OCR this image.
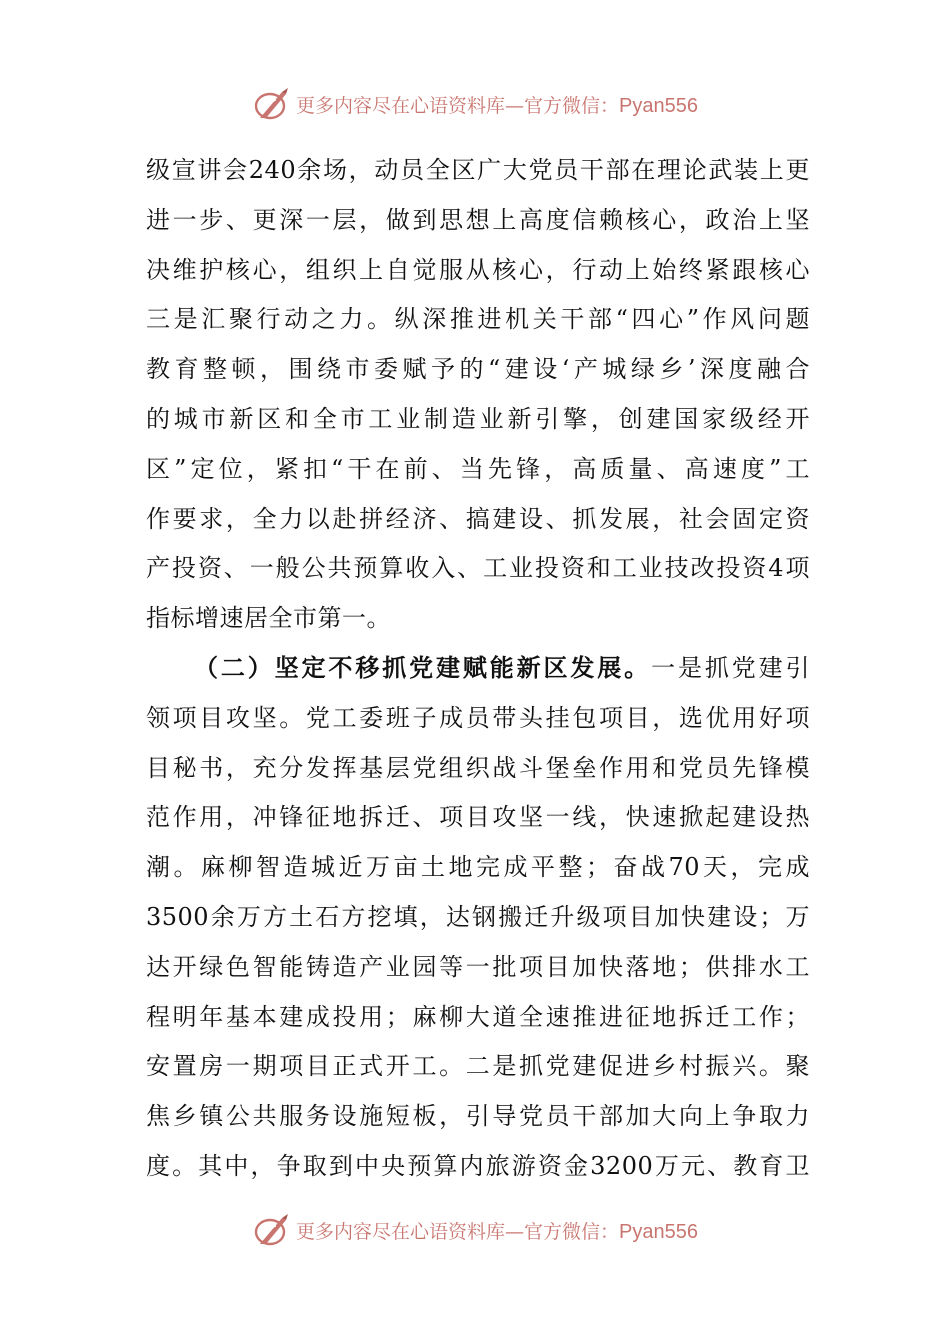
更多内容尽在心语资料库—官方微信：Pyan556
级宣讲会240余场，动员全区广大党员干部在理论武装上更
进一步、更深一层，做到思想上高度信赖核心，政治上坚
决维护核心，组织上自觉服从核心，行动上始终紧跟核心
三是汇聚行动之力。纵深推进机关干部“四心”作风问题
教育整顿，围绕市委赋予的“建设‘产城绿乡’深度融合
的城市新区和全市工业制造业新引擎，创建国家级经开
区”定位，紧扣“干在前、当先锋，高质量、高速度”工
作要求，全力以赴拼经济、搞建设、抓发展，社会固定资
产投资、一般公共预算收入、工业投资和工业技改投资4项
指标增速居全市第一。
（二）坚定不移抓党建赋能新区发展。一是抓党建引
领项目攻坚。党工委班子成员带头挂包项目，选优用好项
目秘书，充分发挥基层党组织战斗堡垒作用和党员先锋模
范作用，冲锋征地拆迁、项目攻坚一线，快速掀起建设热
潮。麻柳智造城近万亩土地完成平整；奋战70天，完成
3500余万方土石方挖填，达钢搬迁升级项目加快建设；万
达开绿色智能铸造产业园等一批项目加快落地；供排水工
程明年基本建成投用；麻柳大道全速推进征地拆迁工作；
安置房一期项目正式开工。二是抓党建促进乡村振兴。聚
焦乡镇公共服务设施短板，引导党员干部加大向上争取力
度。其中，争取到中央预算内旅游资金3200万元、教育卫
更多内容尽在心语资料库—官方微信：Pyan556
